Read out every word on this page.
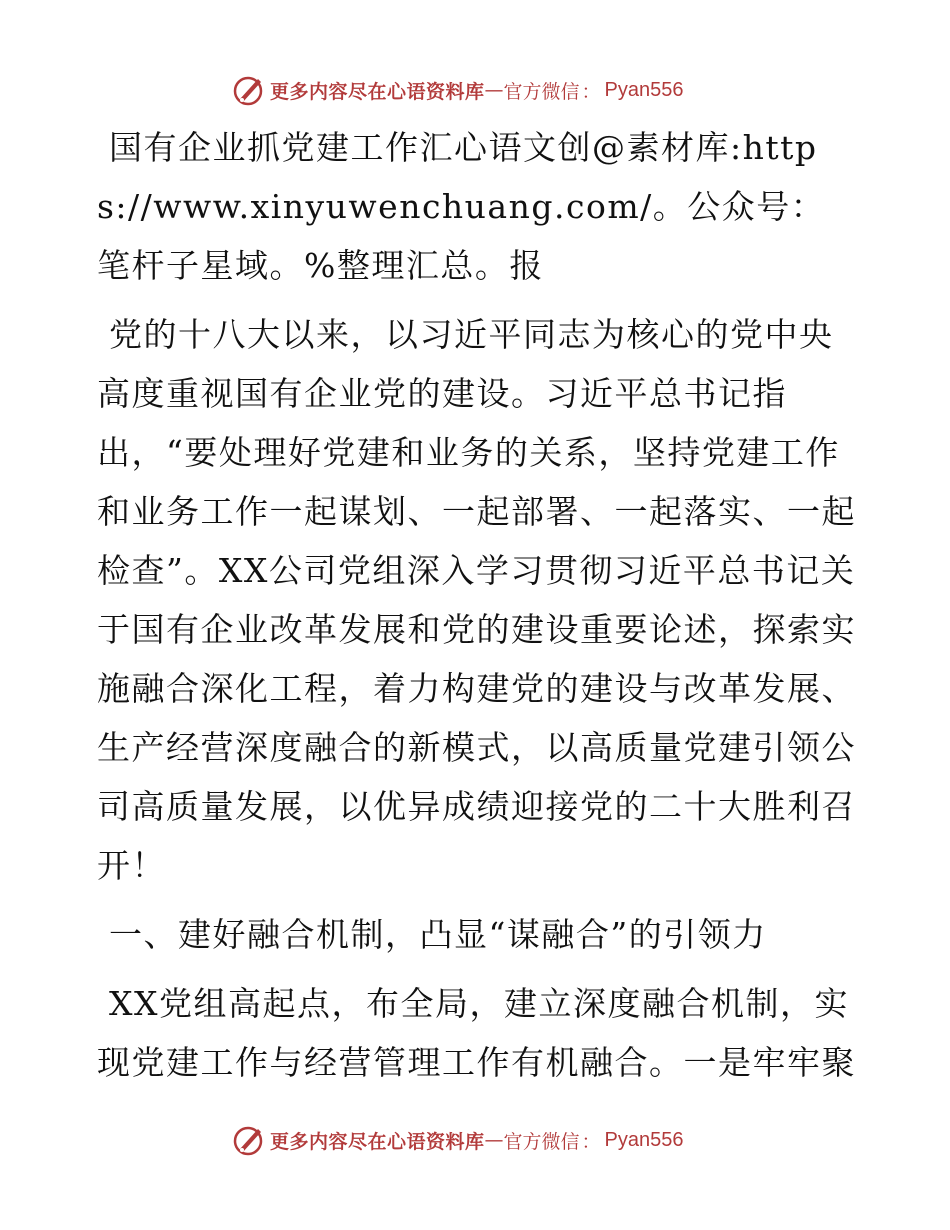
更多内容尽在心语资料库 — 官方微信 ： Pyan556

国有企业抓党建工作汇心语文创@素材库:https://www.xinyuwenchuang.com/。公众号：笔杆子星域。%整理汇总。报

党的十八大以来，以习近平同志为核心的党中央高度重视国有企业党的建设。习近平总书记指出，“要处理好党建和业务的关系，坚持党建工作和业务工作一起谋划、一起部署、一起落实、一起检查”。XX公司党组深入学习贯彻习近平总书记关于国有企业改革发展和党的建设重要论述，探索实施融合深化工程，着力构建党的建设与改革发展、生产经营深度融合的新模式，以高质量党建引领公司高质量发展，以优异成绩迎接党的二十大胜利召开！

一、建好融合机制，凸显“谋融合”的引领力

XX党组高起点，布全局，建立深度融合机制，实现党建工作与经营管理工作有机融合。一是牢牢聚

更多内容尽在心语资料库 — 官方微信 ： Pyan556
